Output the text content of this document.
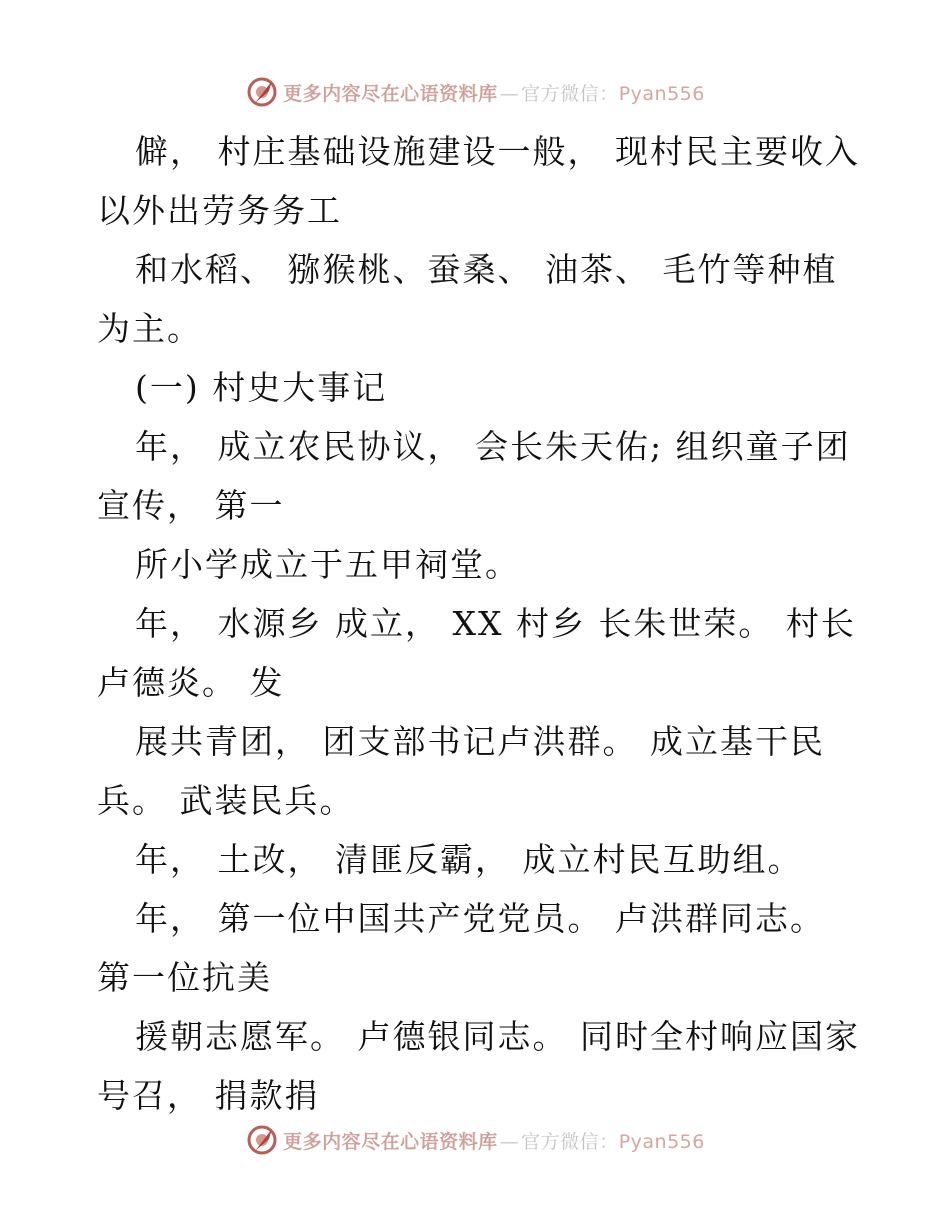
更多内容尽在心语资料库 — 官方微信：Pyan556
僻， 村庄基础设施建设一般， 现村民主要收入
以外出劳务务工
和水稻、 猕猴桃、蚕桑、 油茶、 毛竹等种植
为主。
(一) 村史大事记
年， 成立农民协议， 会长朱天佑; 组织童子团
宣传， 第一
所小学成立于五甲祠堂。
年， 水源乡 成立， XX 村乡 长朱世荣。 村长
卢德炎。 发
展共青团， 团支部书记卢洪群。 成立基干民
兵。 武装民兵。
年， 土改， 清匪反霸， 成立村民互助组。
年， 第一位中国共产党党员。 卢洪群同志。
第一位抗美
援朝志愿军。 卢德银同志。 同时全村响应国家
号召， 捐款捐
更多内容尽在心语资料库 — 官方微信：Pyan556
